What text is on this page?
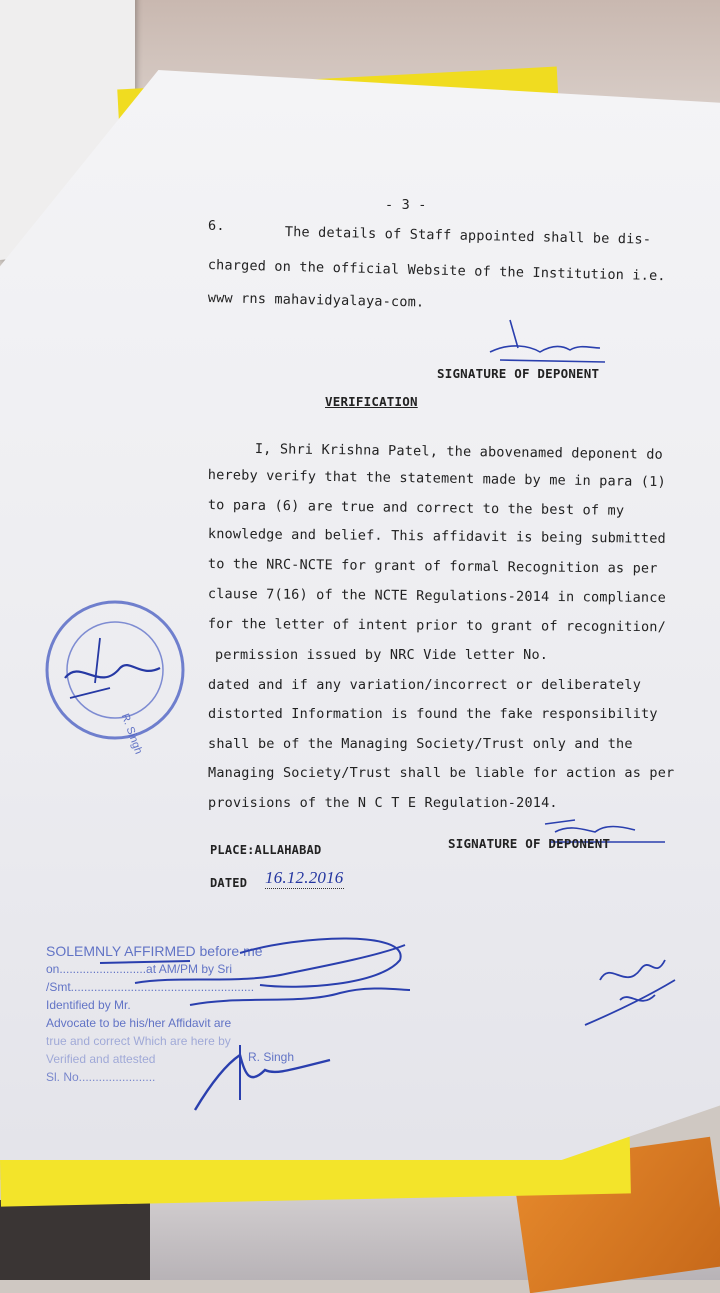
- 3 -
6.	The details of Staff appointed shall be dis-
charged on the official Website of the Institution i.e.
www rns mahavidyalaya-com.
SIGNATURE OF DEPONENT
VERIFICATION
I, Shri Krishna Patel, the abovenamed deponent do
hereby verify that the statement made by me in para (1)
to para (6) are true and correct to the best of my
knowledge and belief. This affidavit is being submitted
to the NRC-NCTE for grant of formal Recognition as per
clause 7(16) of the NCTE Regulations-2014 in compliance
for the letter of intent prior to grant of recognition/
permission issued by NRC Vide letter No.
dated and if any variation/incorrect or deliberately
distorted Information is found the fake responsibility
shall be of the Managing Society/Trust only and the
Managing Society/Trust shall be liable for action as per
provisions of the N C T E Regulation-2014.
R. Singh
PLACE:ALLAHABAD	SIGNATURE OF DEPONENT
DATED 16.12.2016
SOLEMNLY AFFIRMED before me
on..........................at AM/PM by Sri
/Smt.......................................................
Identified by Mr.
Advocate to be his/her Affidavit are
true and correct Which are here by
Verified and attested
Sl. No.......................
R. Singh
